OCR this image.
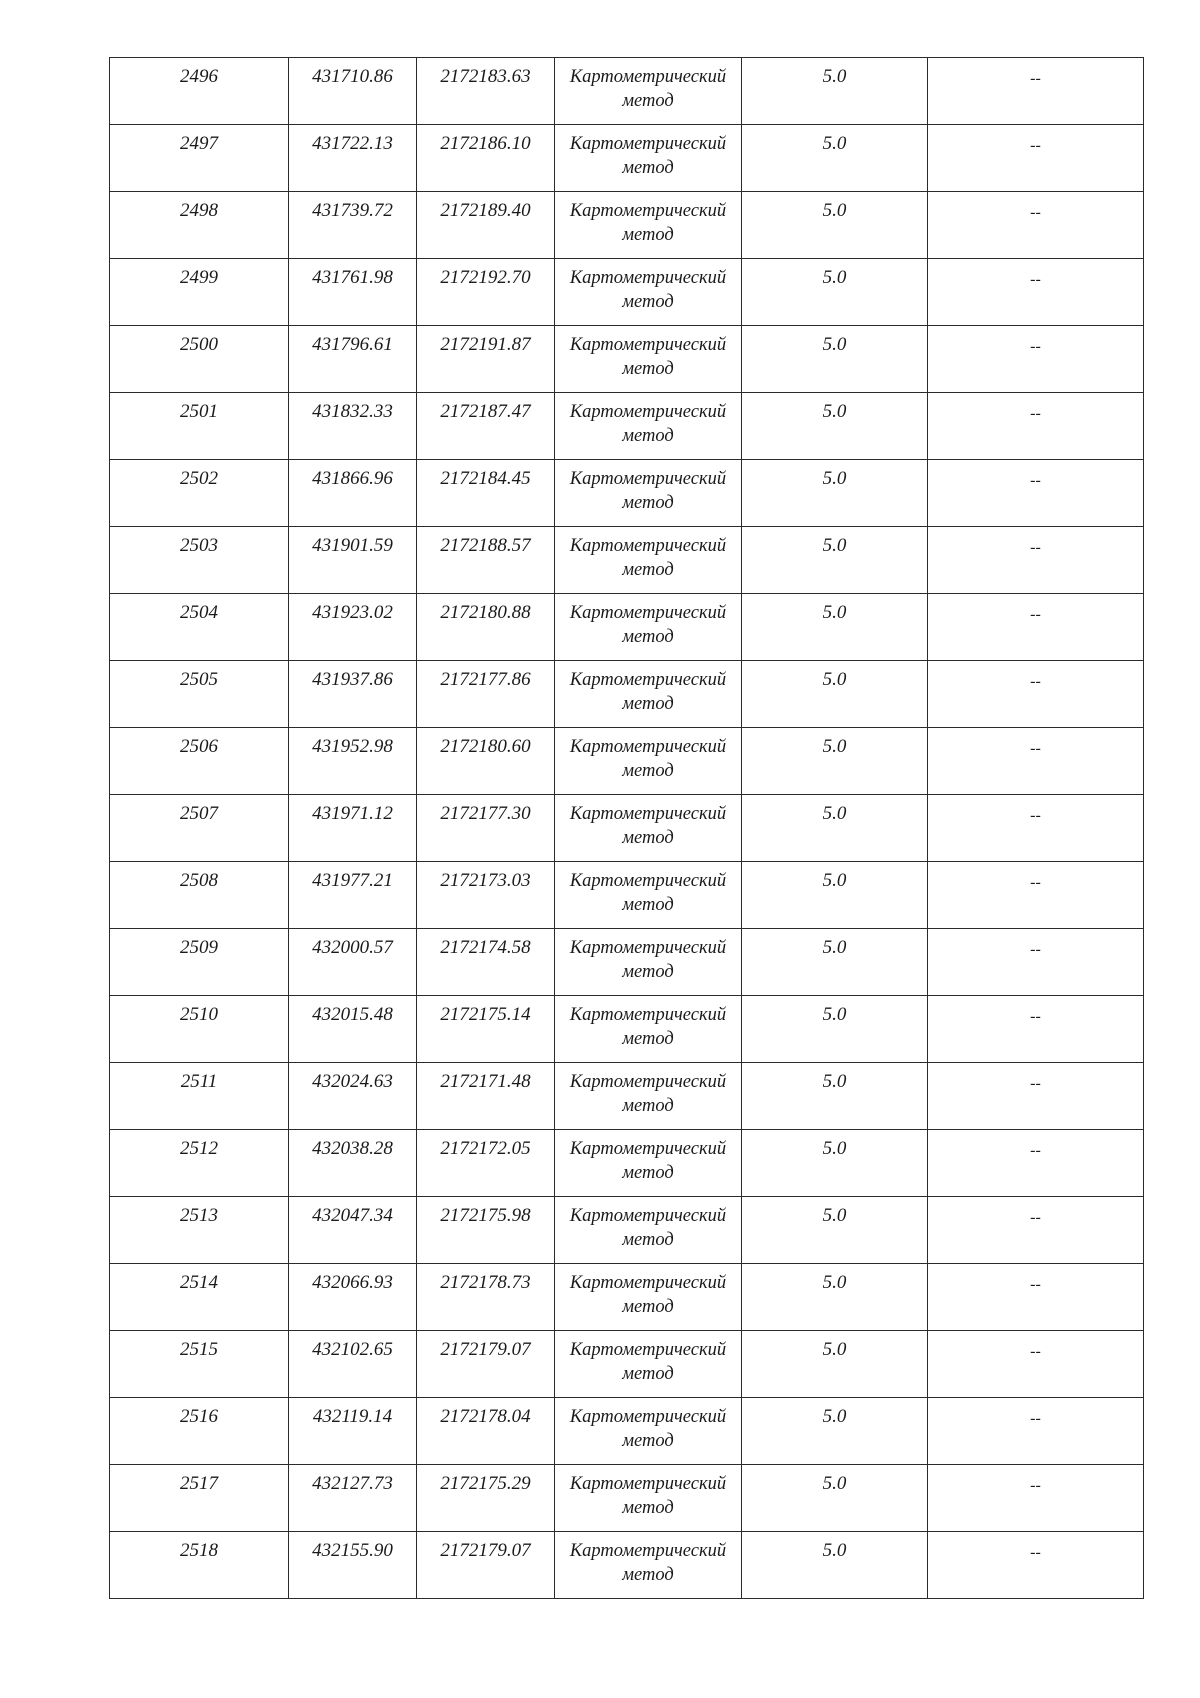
2496	431710.86	2172183.63	Картометрический метод	5.0	--

2497	431722.13	2172186.10	Картометрический метод	5.0	--

2498	431739.72	2172189.40	Картометрический метод	5.0	--

2499	431761.98	2172192.70	Картометрический метод	5.0	--

2500	431796.61	2172191.87	Картометрический метод	5.0	--

2501	431832.33	2172187.47	Картометрический метод	5.0	--

2502	431866.96	2172184.45	Картометрический метод	5.0	--

2503	431901.59	2172188.57	Картометрический метод	5.0	--

2504	431923.02	2172180.88	Картометрический метод	5.0	--

2505	431937.86	2172177.86	Картометрический метод	5.0	--

2506	431952.98	2172180.60	Картометрический метод	5.0	--

2507	431971.12	2172177.30	Картометрический метод	5.0	--

2508	431977.21	2172173.03	Картометрический метод	5.0	--

2509	432000.57	2172174.58	Картометрический метод	5.0	--

2510	432015.48	2172175.14	Картометрический метод	5.0	--

2511	432024.63	2172171.48	Картометрический метод	5.0	--

2512	432038.28	2172172.05	Картометрический метод	5.0	--

2513	432047.34	2172175.98	Картометрический метод	5.0	--

2514	432066.93	2172178.73	Картометрический метод	5.0	--

2515	432102.65	2172179.07	Картометрический метод	5.0	--

2516	432119.14	2172178.04	Картометрический метод	5.0	--

2517	432127.73	2172175.29	Картометрический метод	5.0	--

2518	432155.90	2172179.07	Картометрический метод	5.0	--
